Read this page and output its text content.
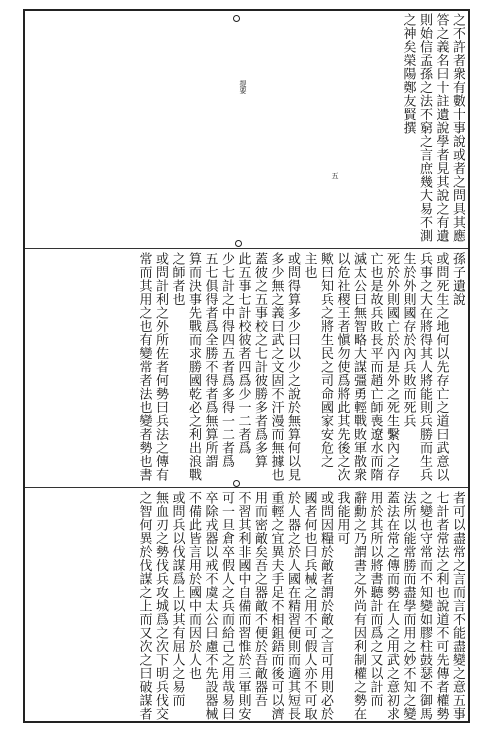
之不許者衆有數十事說或者之問具其應

答之義名曰十註遺說學者見其說之有遺

則始信孟孫之法不窮之言庶幾大易不測

之神矣榮陽鄭友賢撰

提要
五

孫子遺說

或問死生之地何以先存亡之道曰武意以

兵事之大在將得其人將能則兵勝而生兵

生於外則國存於內兵敗而死兵

死於外則國亡於內是外之死生繫內之存

亡也是故兵敗長平而趙亡師喪遼水而隋

滅太公曰無智略大謀彊勇輕戰敗軍散衆

以危社稷王者愼勿使爲將此其先後之次

歟曰知兵之將生民之司命國家安危之

主也

或問得算多少曰以少之說於無算何以見

多少無之義曰武之文固不汗漫而無據也

蓋彼之五事校之七計彼勝多者爲多算

此五事七計校彼者四爲少一二者爲

少七計之中得四五者爲多得一二者爲

五七俱得者爲全勝不得者爲無算所謂

算而決事先戰而求勝國乾必之利出浪戰

之師者也

或問計利之外所佐者何勢曰兵法之傳有

常而其用之也有變常者法也變者勢也書

者可以盡常之言而言不能盡變之意五事

七計者常法之利也說道不可先傳者權勢

之變也守常而不知變如膠柱鼓瑟不御馬

法所以能常勝而盡學而用之妙不知之變

蓋法在常之傳而勢在人之用武之意初求

用於其所以將書聽計而爲之又以計而

辭勳之乃謂書之外尚有因利制權之勢在

我能用可

或問因糧於敵者謂於敵之言可用則必於

國者何也曰兵械之用不可假人亦不可取

於人器之於人國在精習便則而適其短長

重輕之宜異夫手足不相鉏鋙而後可以濟

用而密敵矣吾之器敵不便於吾敵器吾

不習其利非國中自備而習惟於三軍則安

可一旦倉卒假人之兵而給己之用哉易曰

卒除戎器以戒不虞太公曰慮不先設器械

不備此皆言用於國中而因於人也

或問兵以伐謀爲上以其有屈人之易而

無血刃之勢伐兵攻城爲之次下明兵伐交

之智何異於伐謀之上而又次之曰破謀者
